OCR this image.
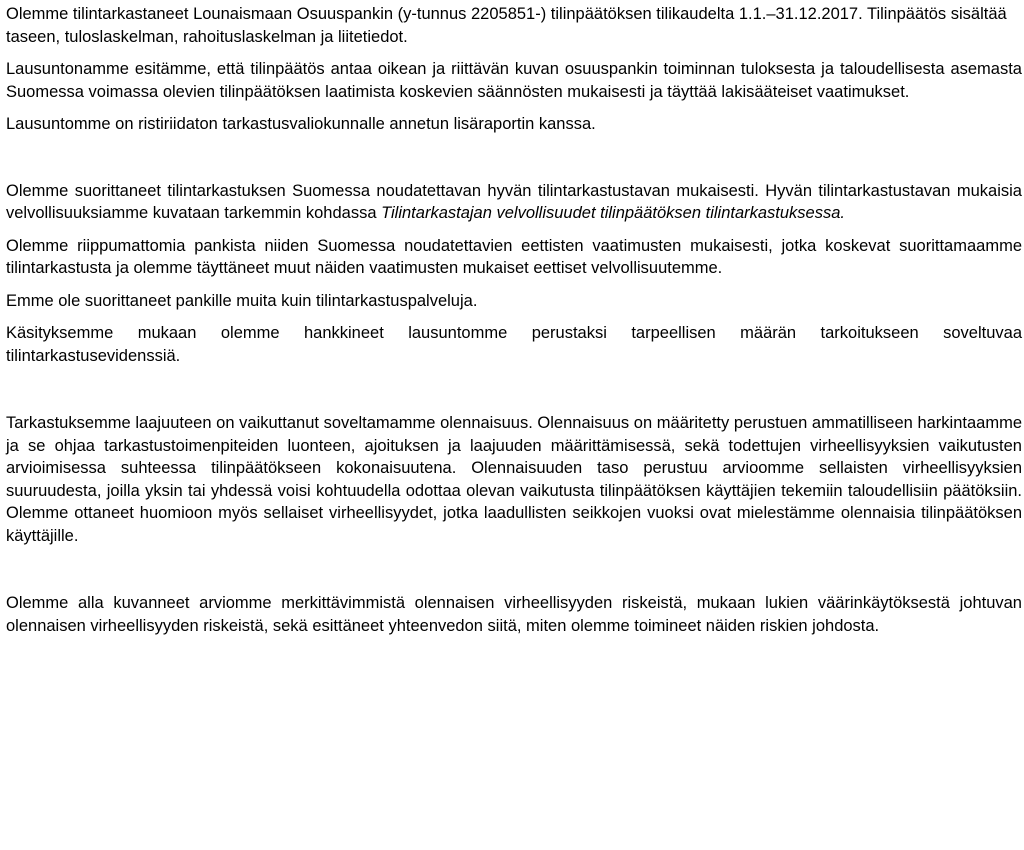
Olemme tilintarkastaneet Lounaismaan Osuuspankin (y-tunnus 2205851-) tilinpäätöksen tilikaudelta 1.1.–31.12.2017. Tilinpäätös sisältää taseen, tuloslaskelman, rahoituslaskelman ja liitetiedot.

Lausuntonamme esitämme, että tilinpäätös antaa oikean ja riittävän kuvan osuuspankin toiminnan tuloksesta ja taloudellisesta asemasta Suomessa voimassa olevien tilinpäätöksen laatimista koskevien säännösten mukaisesti ja täyttää lakisääteiset vaatimukset.

Lausuntomme on ristiriidaton tarkastusvaliokunnalle annetun lisäraportin kanssa.

Olemme suorittaneet tilintarkastuksen Suomessa noudatettavan hyvän tilintarkastustavan mukaisesti. Hyvän tilintarkastustavan mukaisia velvollisuuksiamme kuvataan tarkemmin kohdassa Tilintarkastajan velvollisuudet tilinpäätöksen tilintarkastuksessa.

Olemme riippumattomia pankista niiden Suomessa noudatettavien eettisten vaatimusten mukaisesti, jotka koskevat suorittamaamme tilintarkastusta ja olemme täyttäneet muut näiden vaatimusten mukaiset eettiset velvollisuutemme.

Emme ole suorittaneet pankille muita kuin tilintarkastuspalveluja.

Käsityksemme mukaan olemme hankkineet lausuntomme perustaksi tarpeellisen määrän tarkoitukseen soveltuvaa tilintarkastusevidenssiä.

Tarkastuksemme laajuuteen on vaikuttanut soveltamamme olennaisuus. Olennaisuus on määritetty perustuen ammatilliseen harkintaamme ja se ohjaa tarkastustoimenpiteiden luonteen, ajoituksen ja laajuuden määrittämisessä, sekä todettujen virheellisyyksien vaikutusten arvioimisessa suhteessa tilinpäätökseen kokonaisuutena. Olennaisuuden taso perustuu arvioomme sellaisten virheellisyyksien suuruudesta, joilla yksin tai yhdessä voisi kohtuudella odottaa olevan vaikutusta tilinpäätöksen käyttäjien tekemiin taloudellisiin päätöksiin. Olemme ottaneet huomioon myös sellaiset virheellisyydet, jotka laadullisten seikkojen vuoksi ovat mielestämme olennaisia tilinpäätöksen käyttäjille.

Olemme alla kuvanneet arviomme merkittävimmistä olennaisen virheellisyyden riskeistä, mukaan lukien väärinkäytöksestä johtuvan olennaisen virheellisyyden riskeistä, sekä esittäneet yhteenvedon siitä, miten olemme toimineet näiden riskien johdosta.
